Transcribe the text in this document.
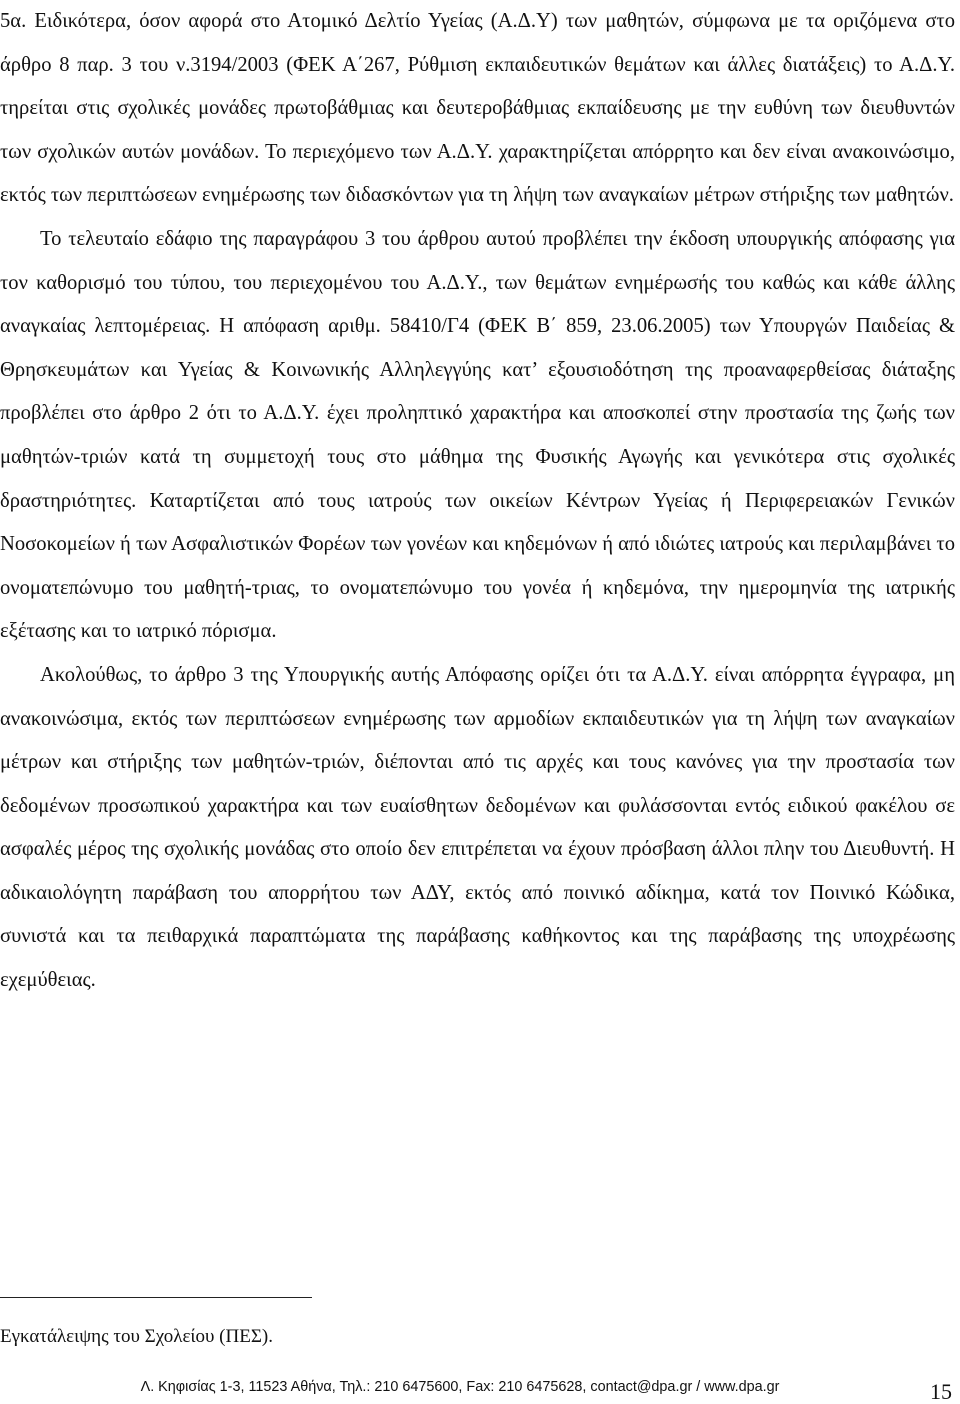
5α. Ειδικότερα, όσον αφορά στο Ατομικό Δελτίο Υγείας (Α.Δ.Υ) των μαθητών, σύμφωνα με τα οριζόμενα στο άρθρο 8 παρ. 3 του ν.3194/2003 (ΦΕΚ Α΄267, Ρύθμιση εκπαιδευτικών θεμάτων και άλλες διατάξεις) το Α.Δ.Υ. τηρείται στις σχολικές μονάδες πρωτοβάθμιας και δευτεροβάθμιας εκπαίδευσης με την ευθύνη των διευθυντών των σχολικών αυτών μονάδων. Το περιεχόμενο των Α.Δ.Υ. χαρακτηρίζεται απόρρητο και δεν είναι ανακοινώσιμο, εκτός των περιπτώσεων ενημέρωσης των διδασκόντων για τη λήψη των αναγκαίων μέτρων στήριξης των μαθητών.

Το τελευταίο εδάφιο της παραγράφου 3 του άρθρου αυτού προβλέπει την έκδοση υπουργικής απόφασης για τον καθορισμό του τύπου, του περιεχομένου του Α.Δ.Υ., των θεμάτων ενημέρωσής του καθώς και κάθε άλλης αναγκαίας λεπτομέρειας. Η απόφαση αριθμ. 58410/Γ4 (ΦΕΚ Β΄ 859, 23.06.2005) των Υπουργών Παιδείας & Θρησκευμάτων και Υγείας & Κοινωνικής Αλληλεγγύης κατ’ εξουσιοδότηση της προαναφερθείσας διάταξης προβλέπει στο άρθρο 2 ότι το Α.Δ.Υ. έχει προληπτικό χαρακτήρα και αποσκοπεί στην προστασία της ζωής των μαθητών-τριών κατά τη συμμετοχή τους στο μάθημα της Φυσικής Αγωγής και γενικότερα στις σχολικές δραστηριότητες. Καταρτίζεται από τους ιατρούς των οικείων Κέντρων Υγείας ή Περιφερειακών Γενικών Νοσοκομείων ή των Ασφαλιστικών Φορέων των γονέων και κηδεμόνων ή από ιδιώτες ιατρούς και περιλαμβάνει το ονοματεπώνυμο του μαθητή-τριας, το ονοματεπώνυμο του γονέα ή κηδεμόνα, την ημερομηνία της ιατρικής εξέτασης και το ιατρικό πόρισμα.

Ακολούθως, το άρθρο 3 της Υπουργικής αυτής Απόφασης ορίζει ότι τα Α.Δ.Υ. είναι απόρρητα έγγραφα, μη ανακοινώσιμα, εκτός των περιπτώσεων ενημέρωσης των αρμοδίων εκπαιδευτικών για τη λήψη των αναγκαίων μέτρων και στήριξης των μαθητών-τριών, διέπονται από τις αρχές και τους κανόνες για την προστασία των δεδομένων προσωπικού χαρακτήρα και των ευαίσθητων δεδομένων και φυλάσσονται εντός ειδικού φακέλου σε ασφαλές μέρος της σχολικής μονάδας στο οποίο δεν επιτρέπεται να έχουν πρόσβαση άλλοι πλην του Διευθυντή. Η αδικαιολόγητη παράβαση του απορρήτου των ΑΔΥ, εκτός από ποινικό αδίκημα, κατά τον Ποινικό Κώδικα, συνιστά και τα πειθαρχικά παραπτώματα της παράβασης καθήκοντος και της παράβασης της υποχρέωσης εχεμύθειας.

Εγκατάλειψης του Σχολείου (ΠΕΣ).
Λ. Κηφισίας 1-3, 11523 Αθήνα, Τηλ.: 210 6475600, Fax: 210 6475628, contact@dpa.gr / www.dpa.gr	15
